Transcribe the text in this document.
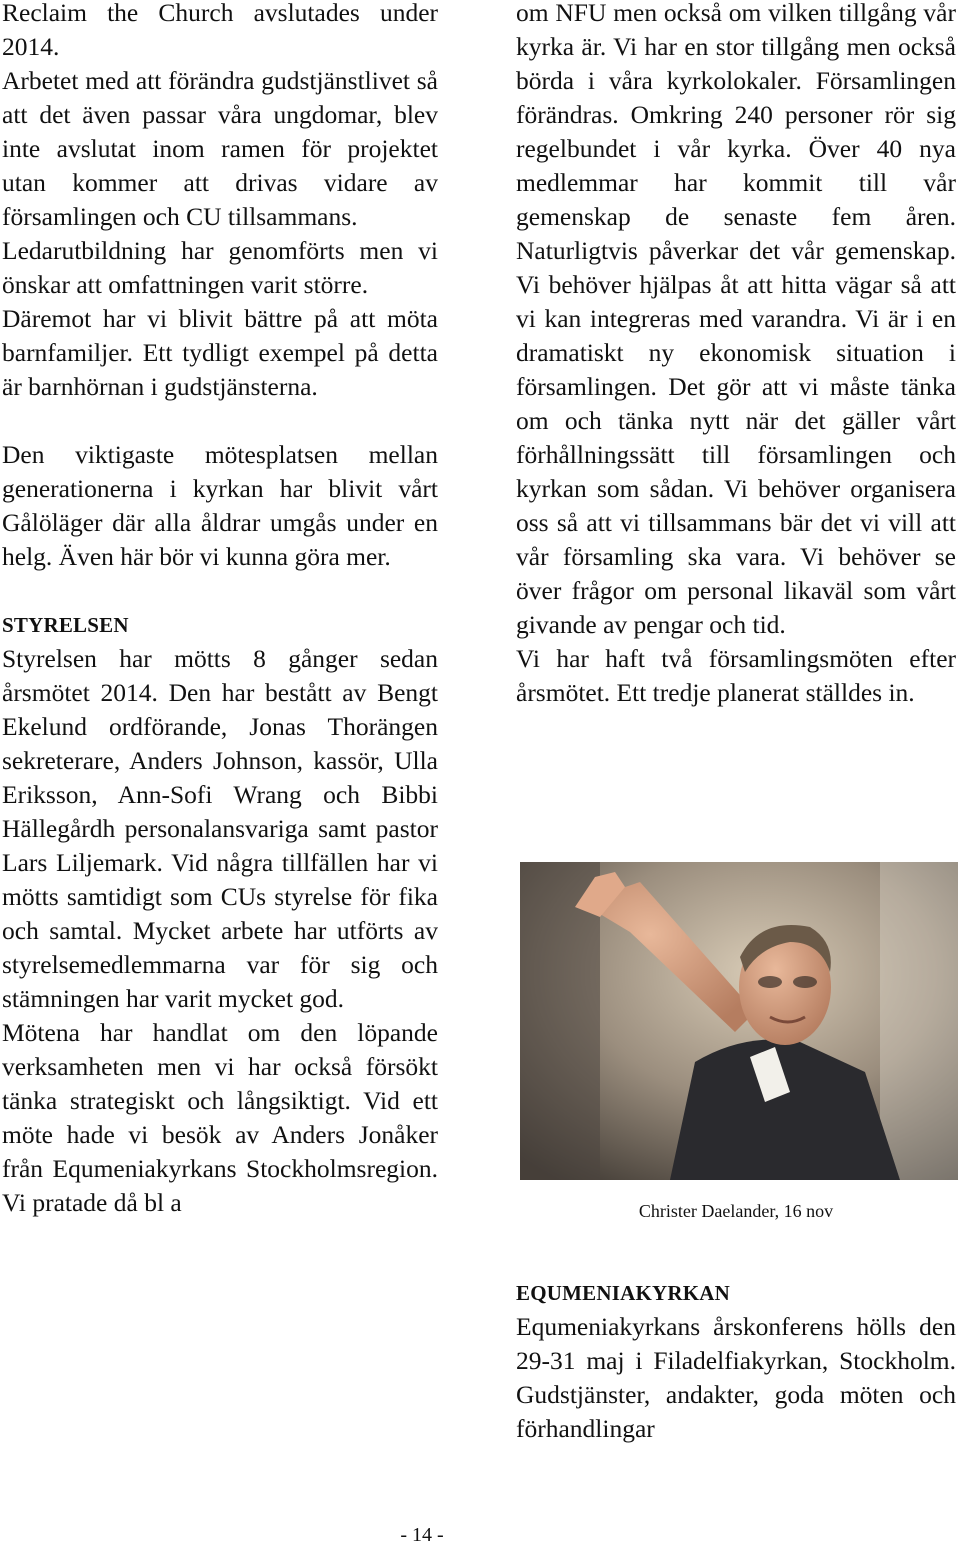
Reclaim the Church avslutades under 2014.

Arbetet med att förändra gudstjänstlivet så att det även passar våra ungdomar, blev inte avslutat inom ramen för projektet utan kommer att drivas vidare av församlingen och CU tillsammans.

Ledarutbildning har genomförts men vi önskar att omfattningen varit större.

Däremot har vi blivit bättre på att möta barnfamiljer. Ett tydligt exempel på detta är barnhörnan i gudstjänsterna.

Den viktigaste mötesplatsen mellan generationerna i kyrkan har blivit vårt Gålöläger där alla åldrar umgås under en helg. Även här bör vi kunna göra mer.

STYRELSEN

Styrelsen har mötts 8 gånger sedan årsmötet 2014. Den har bestått av Bengt Ekelund ordförande, Jonas Thorängen sekreterare, Anders Johnson, kassör, Ulla Eriksson, Ann-Sofi Wrang och Bibbi Hällegårdh personalansvariga samt pastor Lars Liljemark. Vid några tillfällen har vi mötts samtidigt som CUs styrelse för fika och samtal. Mycket arbete har utförts av styrelsemedlemmarna var för sig och stämningen har varit mycket god.

Mötena har handlat om den löpande verksamheten men vi har också försökt tänka strategiskt och långsiktigt. Vid ett möte hade vi besök av Anders Jonåker från Equmeniakyrkans Stockholmsregion. Vi pratade då bl a

om NFU men också om vilken tillgång vår kyrka är. Vi har en stor tillgång men också börda i våra kyrkolokaler. Församlingen förändras. Omkring 240 personer rör sig regelbundet i vår kyrka. Över 40 nya medlemmar har kommit till vår gemenskap de senaste fem åren. Naturligtvis påverkar det vår gemenskap. Vi behöver hjälpas åt att hitta vägar så att vi kan integreras med varandra. Vi är i en dramatiskt ny ekonomisk situation i församlingen. Det gör att vi måste tänka om och tänka nytt när det gäller vårt förhållningssätt till församlingen och kyrkan som sådan. Vi behöver organisera oss så att vi tillsammans bär det vi vill att vår församling ska vara. Vi behöver se över frågor om personal likaväl som vårt givande av pengar och tid.

Vi har haft två församlingsmöten efter årsmötet. Ett tredje planerat ställdes in.

Christer Daelander, 16 nov

EQUMENIAKYRKAN

Equmeniakyrkans årskonferens hölls den 29-31 maj i Filadelfiakyrkan, Stockholm. Gudstjänster, andakter, goda möten och förhandlingar

- 14 -
